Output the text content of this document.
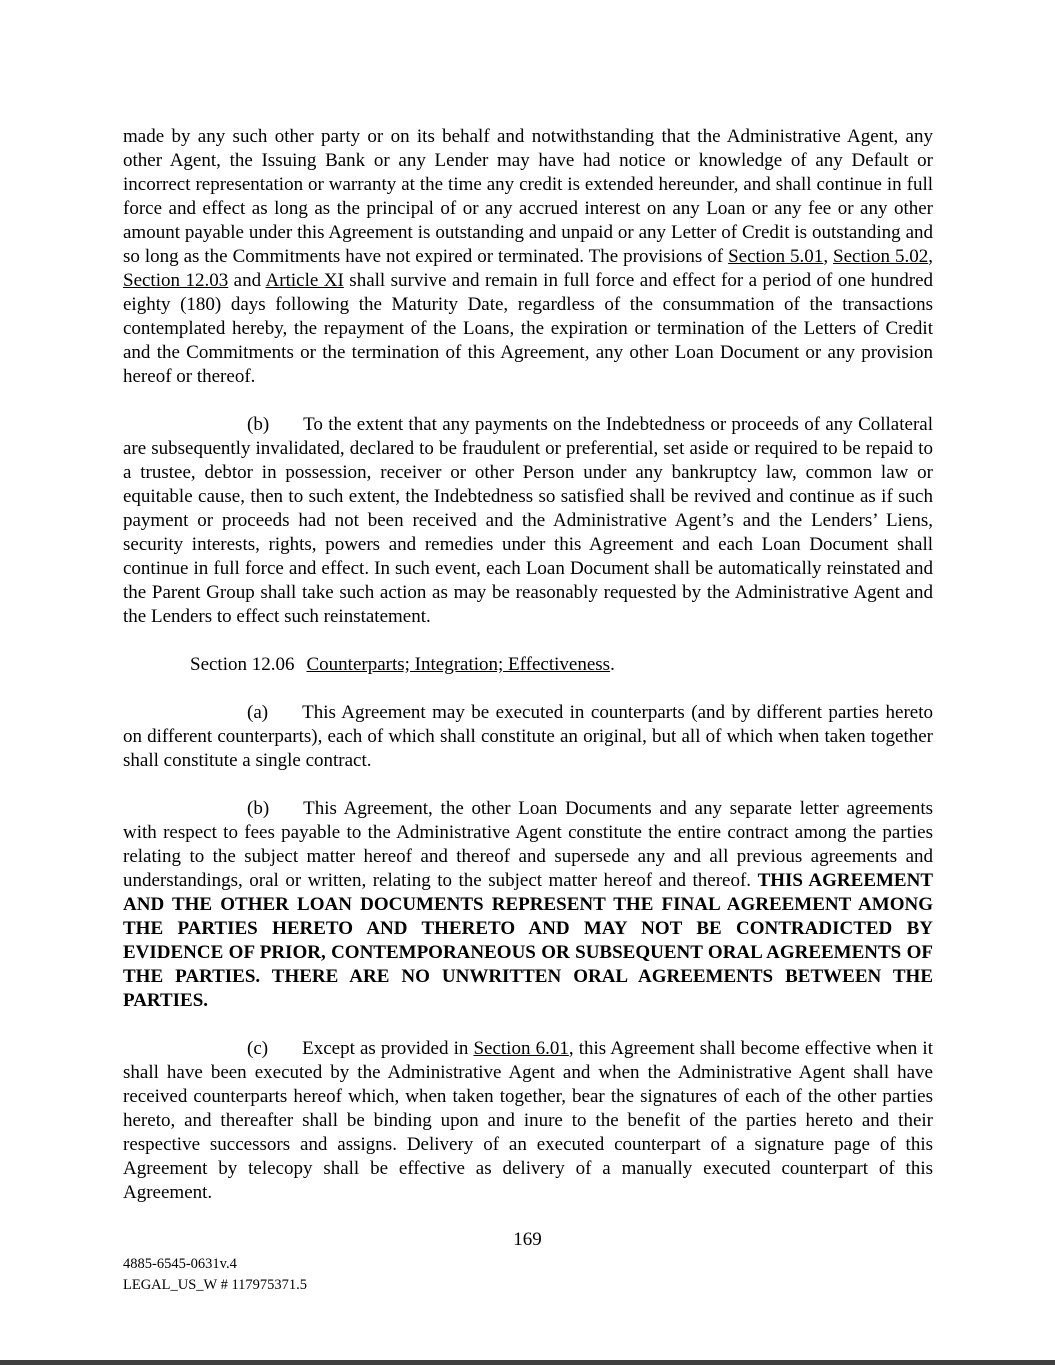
made by any such other party or on its behalf and notwithstanding that the Administrative Agent, any other Agent, the Issuing Bank or any Lender may have had notice or knowledge of any Default or incorrect representation or warranty at the time any credit is extended hereunder, and shall continue in full force and effect as long as the principal of or any accrued interest on any Loan or any fee or any other amount payable under this Agreement is outstanding and unpaid or any Letter of Credit is outstanding and so long as the Commitments have not expired or terminated. The provisions of Section 5.01, Section 5.02, Section 12.03 and Article XI shall survive and remain in full force and effect for a period of one hundred eighty (180) days following the Maturity Date, regardless of the consummation of the transactions contemplated hereby, the repayment of the Loans, the expiration or termination of the Letters of Credit and the Commitments or the termination of this Agreement, any other Loan Document or any provision hereof or thereof.

(b) To the extent that any payments on the Indebtedness or proceeds of any Collateral are subsequently invalidated, declared to be fraudulent or preferential, set aside or required to be repaid to a trustee, debtor in possession, receiver or other Person under any bankruptcy law, common law or equitable cause, then to such extent, the Indebtedness so satisfied shall be revived and continue as if such payment or proceeds had not been received and the Administrative Agent’s and the Lenders’ Liens, security interests, rights, powers and remedies under this Agreement and each Loan Document shall continue in full force and effect. In such event, each Loan Document shall be automatically reinstated and the Parent Group shall take such action as may be reasonably requested by the Administrative Agent and the Lenders to effect such reinstatement.

Section 12.06 Counterparts; Integration; Effectiveness.

(a) This Agreement may be executed in counterparts (and by different parties hereto on different counterparts), each of which shall constitute an original, but all of which when taken together shall constitute a single contract.

(b) This Agreement, the other Loan Documents and any separate letter agreements with respect to fees payable to the Administrative Agent constitute the entire contract among the parties relating to the subject matter hereof and thereof and supersede any and all previous agreements and understandings, oral or written, relating to the subject matter hereof and thereof. THIS AGREEMENT AND THE OTHER LOAN DOCUMENTS REPRESENT THE FINAL AGREEMENT AMONG THE PARTIES HERETO AND THERETO AND MAY NOT BE CONTRADICTED BY EVIDENCE OF PRIOR, CONTEMPORANEOUS OR SUBSEQUENT ORAL AGREEMENTS OF THE PARTIES. THERE ARE NO UNWRITTEN ORAL AGREEMENTS BETWEEN THE PARTIES.

(c) Except as provided in Section 6.01, this Agreement shall become effective when it shall have been executed by the Administrative Agent and when the Administrative Agent shall have received counterparts hereof which, when taken together, bear the signatures of each of the other parties hereto, and thereafter shall be binding upon and inure to the benefit of the parties hereto and their respective successors and assigns. Delivery of an executed counterpart of a signature page of this Agreement by telecopy shall be effective as delivery of a manually executed counterpart of this Agreement.

169
4885-6545-0631v.4
LEGAL_US_W # 117975371.5
